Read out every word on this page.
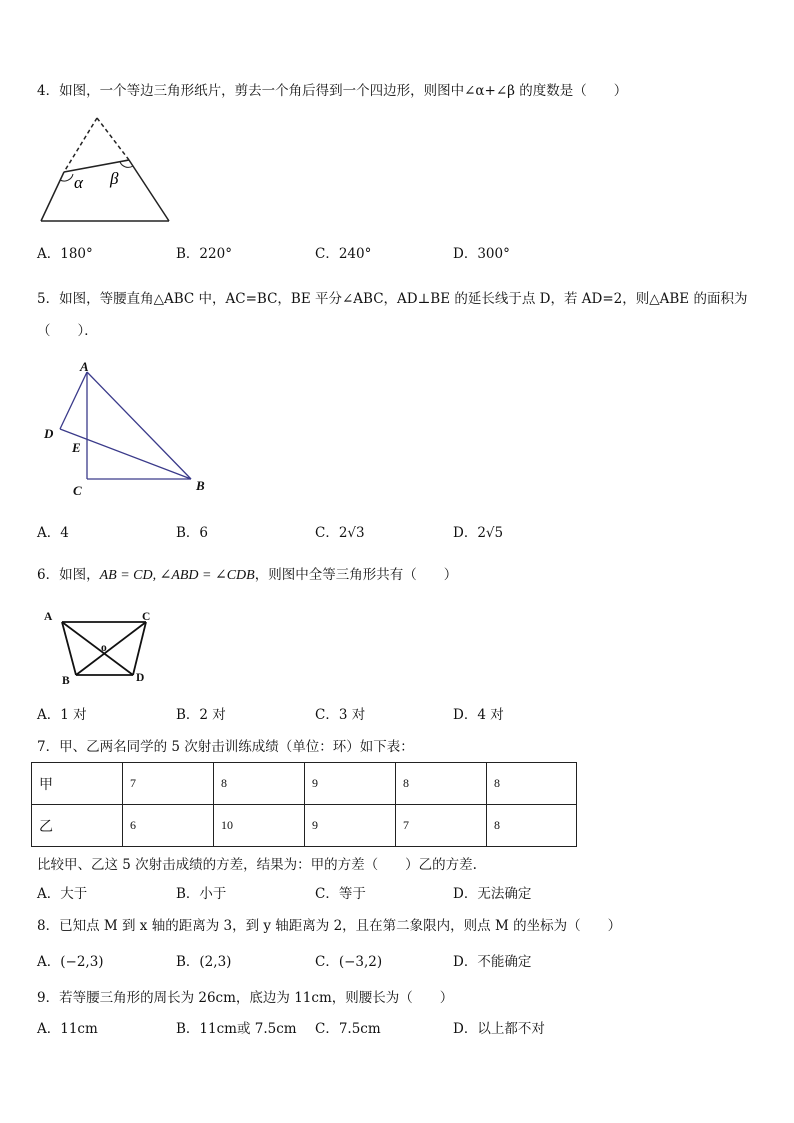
4．如图，一个等边三角形纸片，剪去一个角后得到一个四边形，则图中∠α+∠β 的度数是（　　）
α β
A．180°	B．220°	C．240°	D．300°
5．如图，等腰直角△ABC 中，AC=BC，BE 平分∠ABC，AD⊥BE 的延长线于点 D，若 AD=2，则△ABE 的面积为
（　　）．
A
B
C
D
E
A．4	B．6	C．2√3	D．2√5
6．如图，AB = CD, ∠ABD = ∠CDB，则图中全等三角形共有（　　）
A	C
B	D
o
A．1 对	B．2 对	C．3 对	D．4 对
7．甲、乙两名同学的 5 次射击训练成绩（单位：环）如下表：
甲	7	8	9	8	8
乙	6	10	9	7	8
比较甲、乙这 5 次射击成绩的方差，结果为：甲的方差（　　）乙的方差.
A．大于	B．小于	C．等于	D．无法确定
8．已知点 M 到 x 轴的距离为 3，到 y 轴距离为 2，且在第二象限内，则点 M 的坐标为（　　）
A．(−2,3)	B．(2,3)	C．(−3,2)	D．不能确定
9．若等腰三角形的周长为 26cm，底边为 11cm，则腰长为（　　）
A．11cm	B．11cm或 7.5cm C．7.5cm	D．以上都不对
